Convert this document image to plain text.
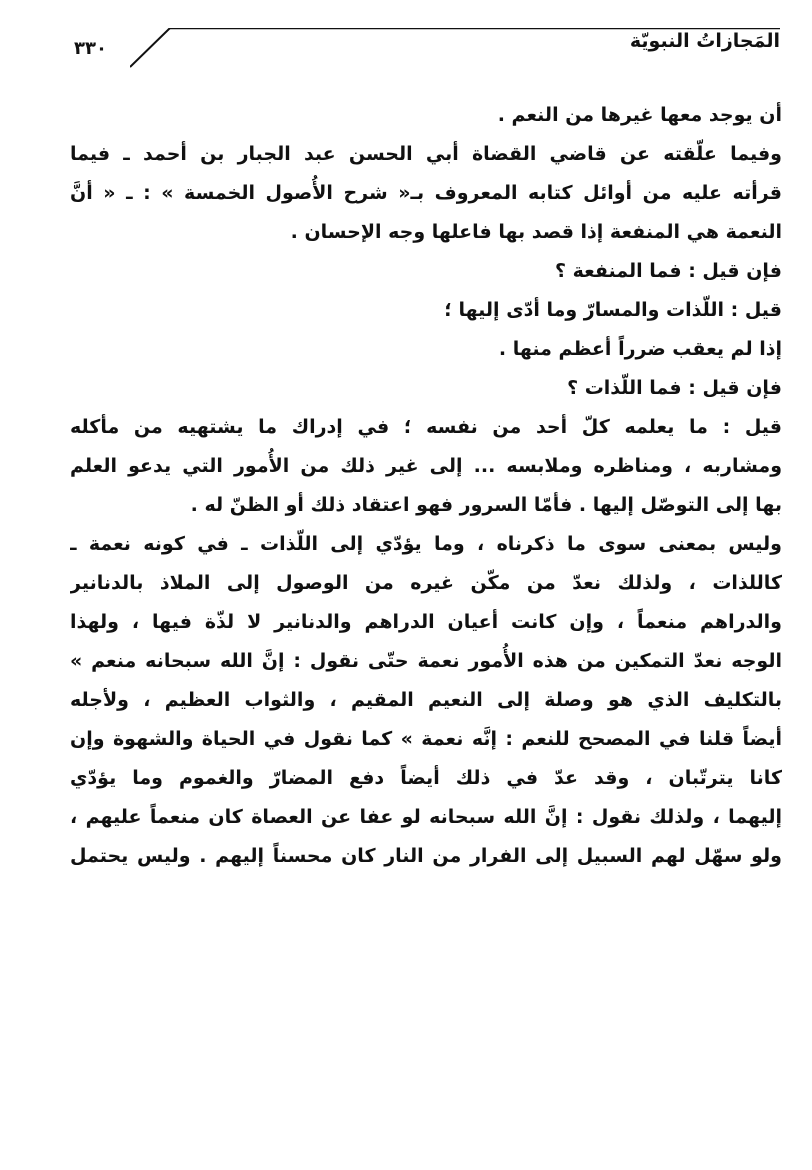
المَجازاتُ النبويّة
٣٣٠
أن يوجد معها غيرها من النعم .
وفيما علّقته عن قاضي القضاة أبي الحسن عبد الجبار بن أحمد ـ فيما
قرأته عليه من أوائل كتابه المعروف بـ« شرح الأُصول الخمسة » : ـ « أنَّ
النعمة هي المنفعة إذا قصد بها فاعلها وجه الإحسان .
فإن قيل : فما المنفعة ؟
قيل : اللّذات والمسارّ وما أدّى إليها ؛
إذا لم يعقب ضرراً أعظم منها .
فإن قيل : فما اللّذات ؟
قيل : ما يعلمه كلّ أحد من نفسه ؛ في إدراك ما يشتهيه من مأكله
ومشاربه ، ومناظره وملابسه ... إلى غير ذلك من الأُمور التي يدعو العلم
بها إلى التوصّل إليها . فأمّا السرور فهو اعتقاد ذلك أو الظنّ له .
وليس بمعنى سوى ما ذكرناه ، وما يؤدّي إلى اللّذات ـ في كونه نعمة ـ
كاللذات ، ولذلك نعدّ من مكّن غيره من الوصول إلى الملاذ بالدنانير
والدراهم منعماً ، وإن كانت أعيان الدراهم والدنانير لا لذّة فيها ، ولهذا
الوجه نعدّ التمكين من هذه الأُمور نعمة حتّى نقول : إنَّ الله سبحانه منعم »
بالتكليف الذي هو وصلة إلى النعيم المقيم ، والثواب العظيم ، ولأجله
أيضاً قلنا في المصحح للنعم : إنَّه نعمة » كما نقول في الحياة والشهوة وإن
كانا يترتّبان ، وقد عدّ في ذلك أيضاً دفع المضارّ والغموم وما يؤدّي
إليهما ، ولذلك نقول : إنَّ الله سبحانه لو عفا عن العصاة كان منعماً عليهم ،
ولو سهّل لهم السبيل إلى الفرار من النار كان محسناً إليهم . وليس يحتمل
